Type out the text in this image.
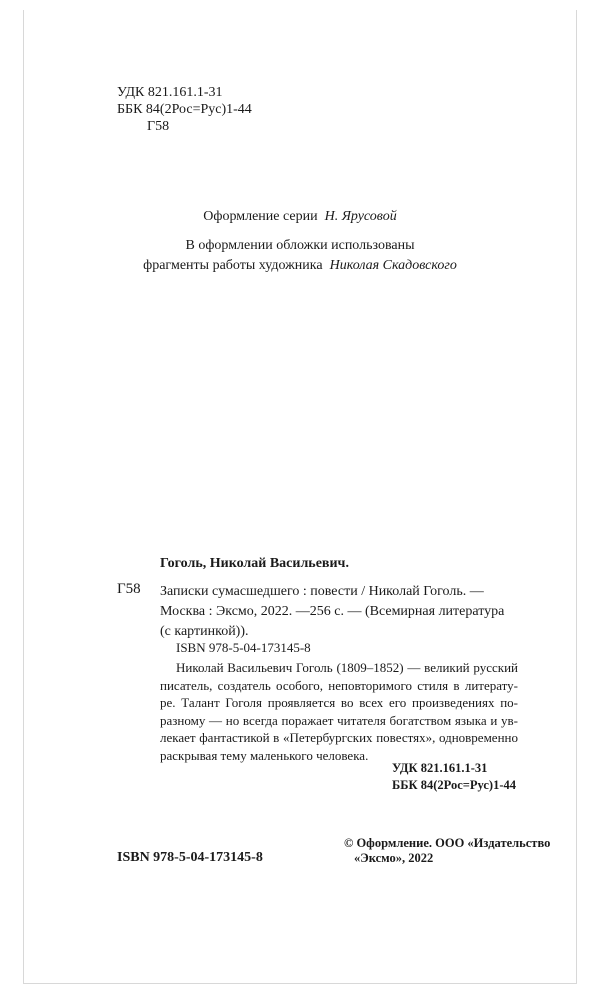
УДК 821.161.1-31
ББК 84(2Рос=Рус)1-44
Г58
Оформление серии Н. Ярусовой
В оформлении обложки использованы
фрагменты работы художника Николая Скадовского
Гоголь, Николай Васильевич.
Г58 Записки сумасшедшего : повести / Николай Гоголь. —
Москва : Эксмо, 2022. —256 с. — (Всемирная литература
(с картинкой)).
ISBN 978-5-04-173145-8
Николай Васильевич Гоголь (1809–1852) — великий русский
писатель, создатель особого, неповторимого стиля в литерату-
ре. Талант Гоголя проявляется во всех его произведениях по-
разному — но всегда поражает читателя богатством языка и ув-
лекает фантастикой в «Петербургских повестях», одновременно
раскрывая тему маленького человека.
УДК 821.161.1-31
ББК 84(2Рос=Рус)1-44
ISBN 978-5-04-173145-8
© Оформление. ООО «Издательство
«Эксмо», 2022
